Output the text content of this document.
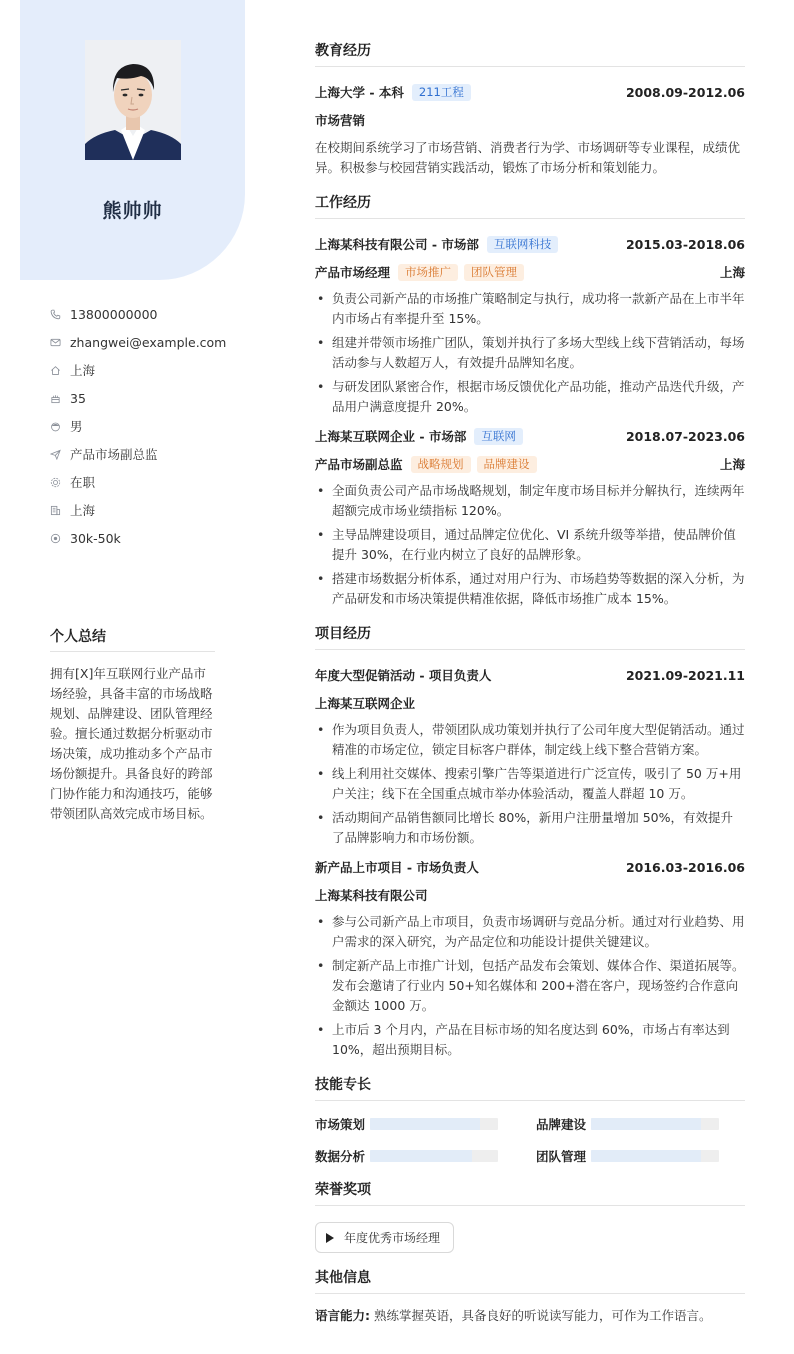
熊帅帅
13800000000
zhangwei@example.com
上海
35
男
产品市场副总监
在职
上海
30k-50k
个人总结
拥有[X]年互联网行业产品市场经验，具备丰富的市场战略规划、品牌建设、团队管理经验。擅长通过数据分析驱动市场决策，成功推动多个产品市场份额提升。具备良好的跨部门协作能力和沟通技巧，能够带领团队高效完成市场目标。
教育经历
上海大学 - 本科	211工程	2008.09-2012.06
市场营销
在校期间系统学习了市场营销、消费者行为学、市场调研等专业课程，成绩优异。积极参与校园营销实践活动，锻炼了市场分析和策划能力。
工作经历
上海某科技有限公司 - 市场部	互联网科技	2015.03-2018.06
产品市场经理	市场推广	团队管理	上海
• 负责公司新产品的市场推广策略制定与执行，成功将一款新产品在上市半年内市场占有率提升至 15%。
• 组建并带领市场推广团队，策划并执行了多场大型线上线下营销活动，每场活动参与人数超万人，有效提升品牌知名度。
• 与研发团队紧密合作，根据市场反馈优化产品功能，推动产品迭代升级，产品用户满意度提升 20%。
上海某互联网企业 - 市场部	互联网	2018.07-2023.06
产品市场副总监	战略规划	品牌建设	上海
• 全面负责公司产品市场战略规划，制定年度市场目标并分解执行，连续两年超额完成市场业绩指标 120%。
• 主导品牌建设项目，通过品牌定位优化、VI 系统升级等举措，使品牌价值提升 30%，在行业内树立了良好的品牌形象。
• 搭建市场数据分析体系，通过对用户行为、市场趋势等数据的深入分析，为产品研发和市场决策提供精准依据，降低市场推广成本 15%。
项目经历
年度大型促销活动 - 项目负责人	2021.09-2021.11
上海某互联网企业
• 作为项目负责人，带领团队成功策划并执行了公司年度大型促销活动。通过精准的市场定位，锁定目标客户群体，制定线上线下整合营销方案。
• 线上利用社交媒体、搜索引擎广告等渠道进行广泛宣传，吸引了 50 万+用户关注；线下在全国重点城市举办体验活动，覆盖人群超 10 万。
• 活动期间产品销售额同比增长 80%，新用户注册量增加 50%，有效提升了品牌影响力和市场份额。
新产品上市项目 - 市场负责人	2016.03-2016.06
上海某科技有限公司
• 参与公司新产品上市项目，负责市场调研与竞品分析。通过对行业趋势、用户需求的深入研究，为产品定位和功能设计提供关键建议。
• 制定新产品上市推广计划，包括产品发布会策划、媒体合作、渠道拓展等。发布会邀请了行业内 50+知名媒体和 200+潜在客户，现场签约合作意向金额达 1000 万。
• 上市后 3 个月内，产品在目标市场的知名度达到 60%，市场占有率达到 10%，超出预期目标。
技能专长
市场策划	品牌建设
数据分析	团队管理
荣誉奖项
年度优秀市场经理
其他信息
语言能力: 熟练掌握英语，具备良好的听说读写能力，可作为工作语言。
